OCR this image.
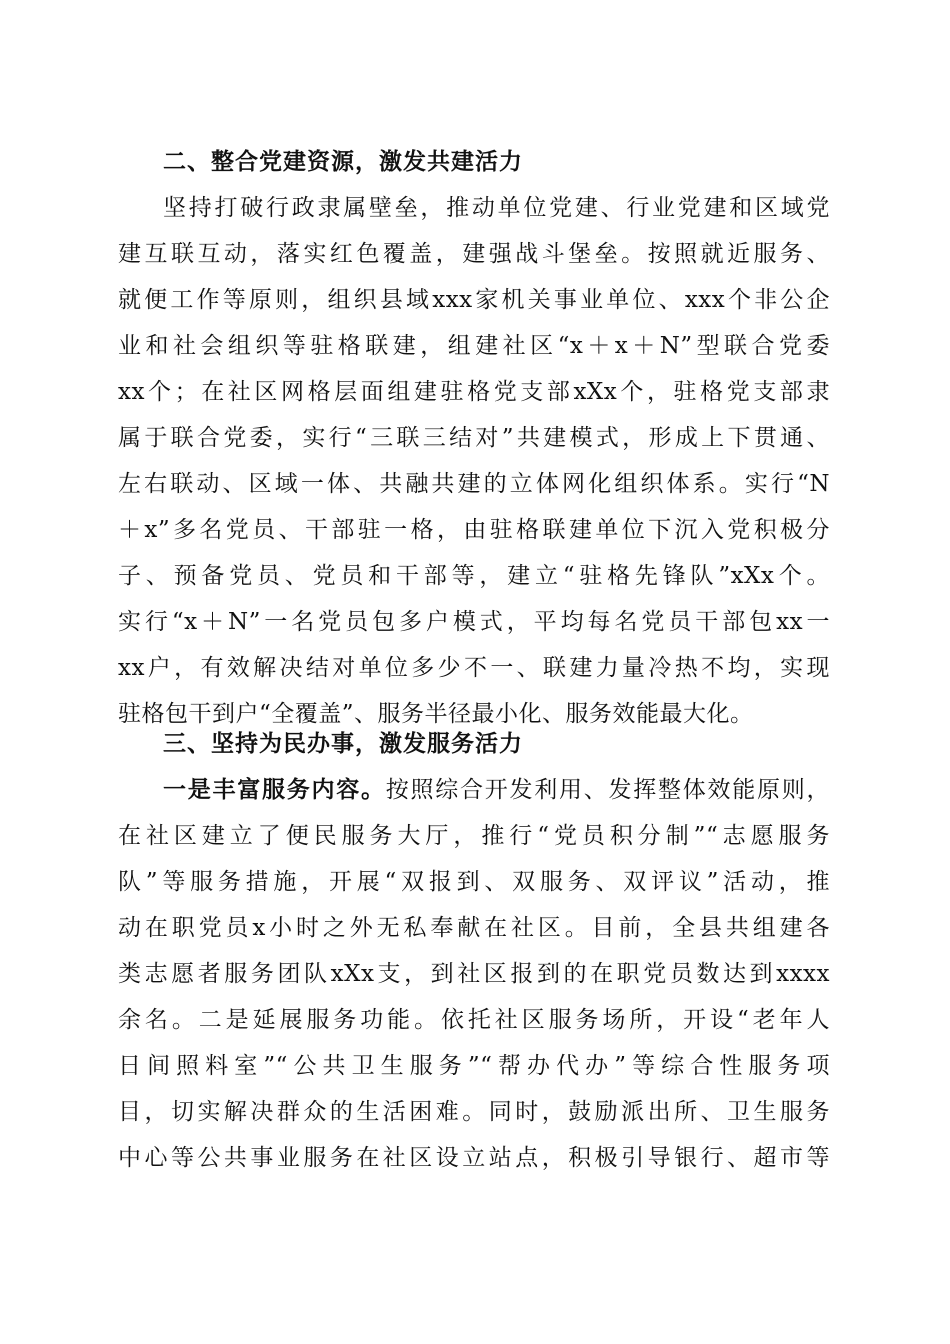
二、整合党建资源，激发共建活力
坚持打破行政隶属壁垒，推动单位党建、行业党建和区域党
建互联互动，落实红色覆盖，建强战斗堡垒。按照就近服务、
就便工作等原则，组织县域xxx家机关事业单位、xxx个非公企
业和社会组织等驻格联建，组建社区“x＋x＋N”型联合党委
xx个；在社区网格层面组建驻格党支部xXx个，驻格党支部隶
属于联合党委，实行“三联三结对”共建模式，形成上下贯通、
左右联动、区域一体、共融共建的立体网化组织体系。实行“N
＋x”多名党员、干部驻一格，由驻格联建单位下沉入党积极分
子、预备党员、党员和干部等，建立“驻格先锋队”xXx个。
实行“x＋N”一名党员包多户模式，平均每名党员干部包xx一
xx户，有效解决结对单位多少不一、联建力量冷热不均，实现
驻格包干到户“全覆盖”、服务半径最小化、服务效能最大化。
三、坚持为民办事，激发服务活力
一是丰富服务内容。按照综合开发利用、发挥整体效能原则，
在社区建立了便民服务大厅，推行“党员积分制”“志愿服务
队”等服务措施，开展“双报到、双服务、双评议”活动，推
动在职党员x小时之外无私奉献在社区。目前，全县共组建各
类志愿者服务团队xXx支，到社区报到的在职党员数达到xxxx
余名。二是延展服务功能。依托社区服务场所，开设“老年人
日间照料室”“公共卫生服务”“帮办代办”等综合性服务项
目，切实解决群众的生活困难。同时，鼓励派出所、卫生服务
中心等公共事业服务在社区设立站点，积极引导银行、超市等
